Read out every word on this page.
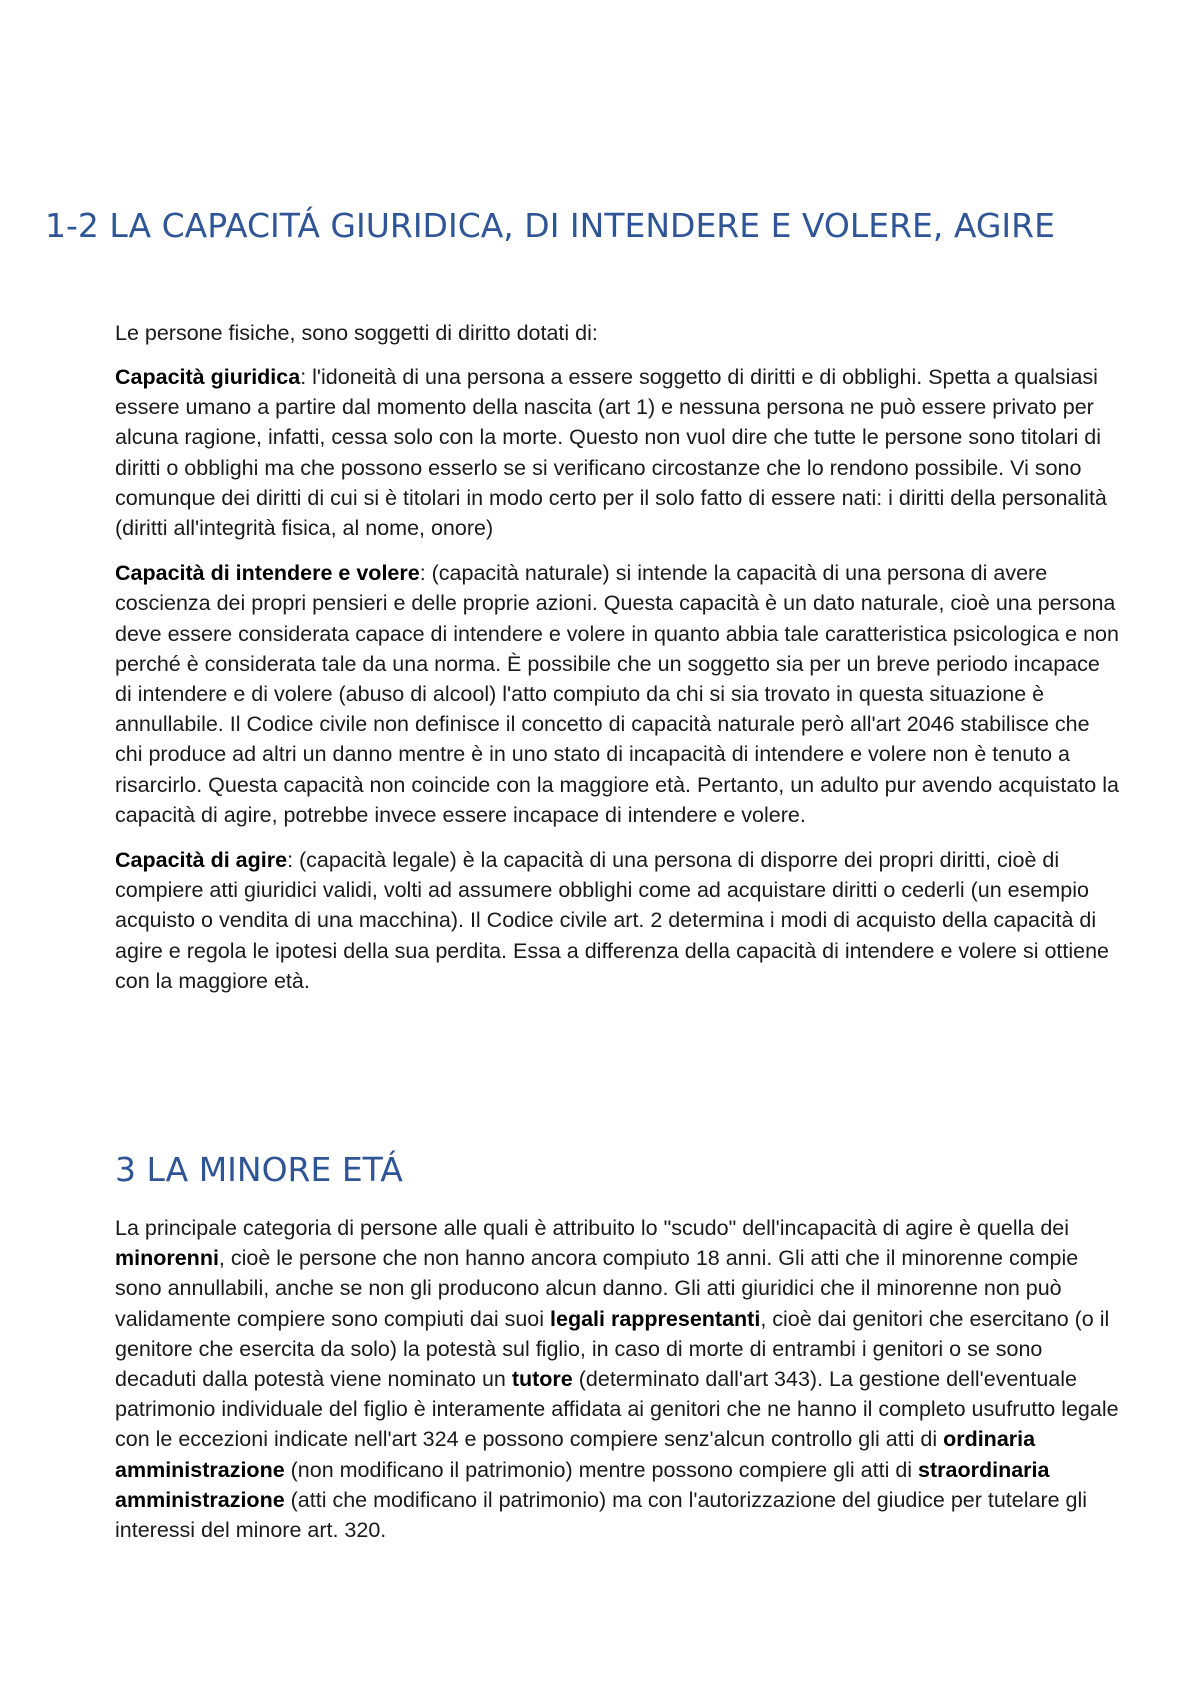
1-2 LA CAPACITÁ GIURIDICA, DI INTENDERE E VOLERE, AGIRE

Le persone fisiche, sono soggetti di diritto dotati di:

Capacità giuridica: l'idoneità di una persona a essere soggetto di diritti e di obblighi. Spetta a qualsiasi essere umano a partire dal momento della nascita (art 1) e nessuna persona ne può essere privato per alcuna ragione, infatti, cessa solo con la morte. Questo non vuol dire che tutte le persone sono titolari di diritti o obblighi ma che possono esserlo se si verificano circostanze che lo rendono possibile. Vi sono comunque dei diritti di cui si è titolari in modo certo per il solo fatto di essere nati: i diritti della personalità (diritti all'integrità fisica, al nome, onore)

Capacità di intendere e volere: (capacità naturale) si intende la capacità di una persona di avere coscienza dei propri pensieri e delle proprie azioni. Questa capacità è un dato naturale, cioè una persona deve essere considerata capace di intendere e volere in quanto abbia tale caratteristica psicologica e non perché è considerata tale da una norma. È possibile che un soggetto sia per un breve periodo incapace di intendere e di volere (abuso di alcool) l'atto compiuto da chi si sia trovato in questa situazione è annullabile. Il Codice civile non definisce il concetto di capacità naturale però all'art 2046 stabilisce che chi produce ad altri un danno mentre è in uno stato di incapacità di intendere e volere non è tenuto a risarcirlo. Questa capacità non coincide con la maggiore età. Pertanto, un adulto pur avendo acquistato la capacità di agire, potrebbe invece essere incapace di intendere e volere.

Capacità di agire: (capacità legale) è la capacità di una persona di disporre dei propri diritti, cioè di compiere atti giuridici validi, volti ad assumere obblighi come ad acquistare diritti o cederli (un esempio acquisto o vendita di una macchina). Il Codice civile art. 2 determina i modi di acquisto della capacità di agire e regola le ipotesi della sua perdita. Essa a differenza della capacità di intendere e volere si ottiene con la maggiore età.

3 LA MINORE ETÁ

La principale categoria di persone alle quali è attribuito lo "scudo" dell'incapacità di agire è quella dei minorenni, cioè le persone che non hanno ancora compiuto 18 anni. Gli atti che il minorenne compie sono annullabili, anche se non gli producono alcun danno. Gli atti giuridici che il minorenne non può validamente compiere sono compiuti dai suoi legali rappresentanti, cioè dai genitori che esercitano (o il genitore che esercita da solo) la potestà sul figlio, in caso di morte di entrambi i genitori o se sono decaduti dalla potestà viene nominato un tutore (determinato dall'art 343). La gestione dell'eventuale patrimonio individuale del figlio è interamente affidata ai genitori che ne hanno il completo usufrutto legale con le eccezioni indicate nell'art 324 e possono compiere senz'alcun controllo gli atti di ordinaria amministrazione (non modificano il patrimonio) mentre possono compiere gli atti di straordinaria amministrazione (atti che modificano il patrimonio) ma con l'autorizzazione del giudice per tutelare gli interessi del minore art. 320.
